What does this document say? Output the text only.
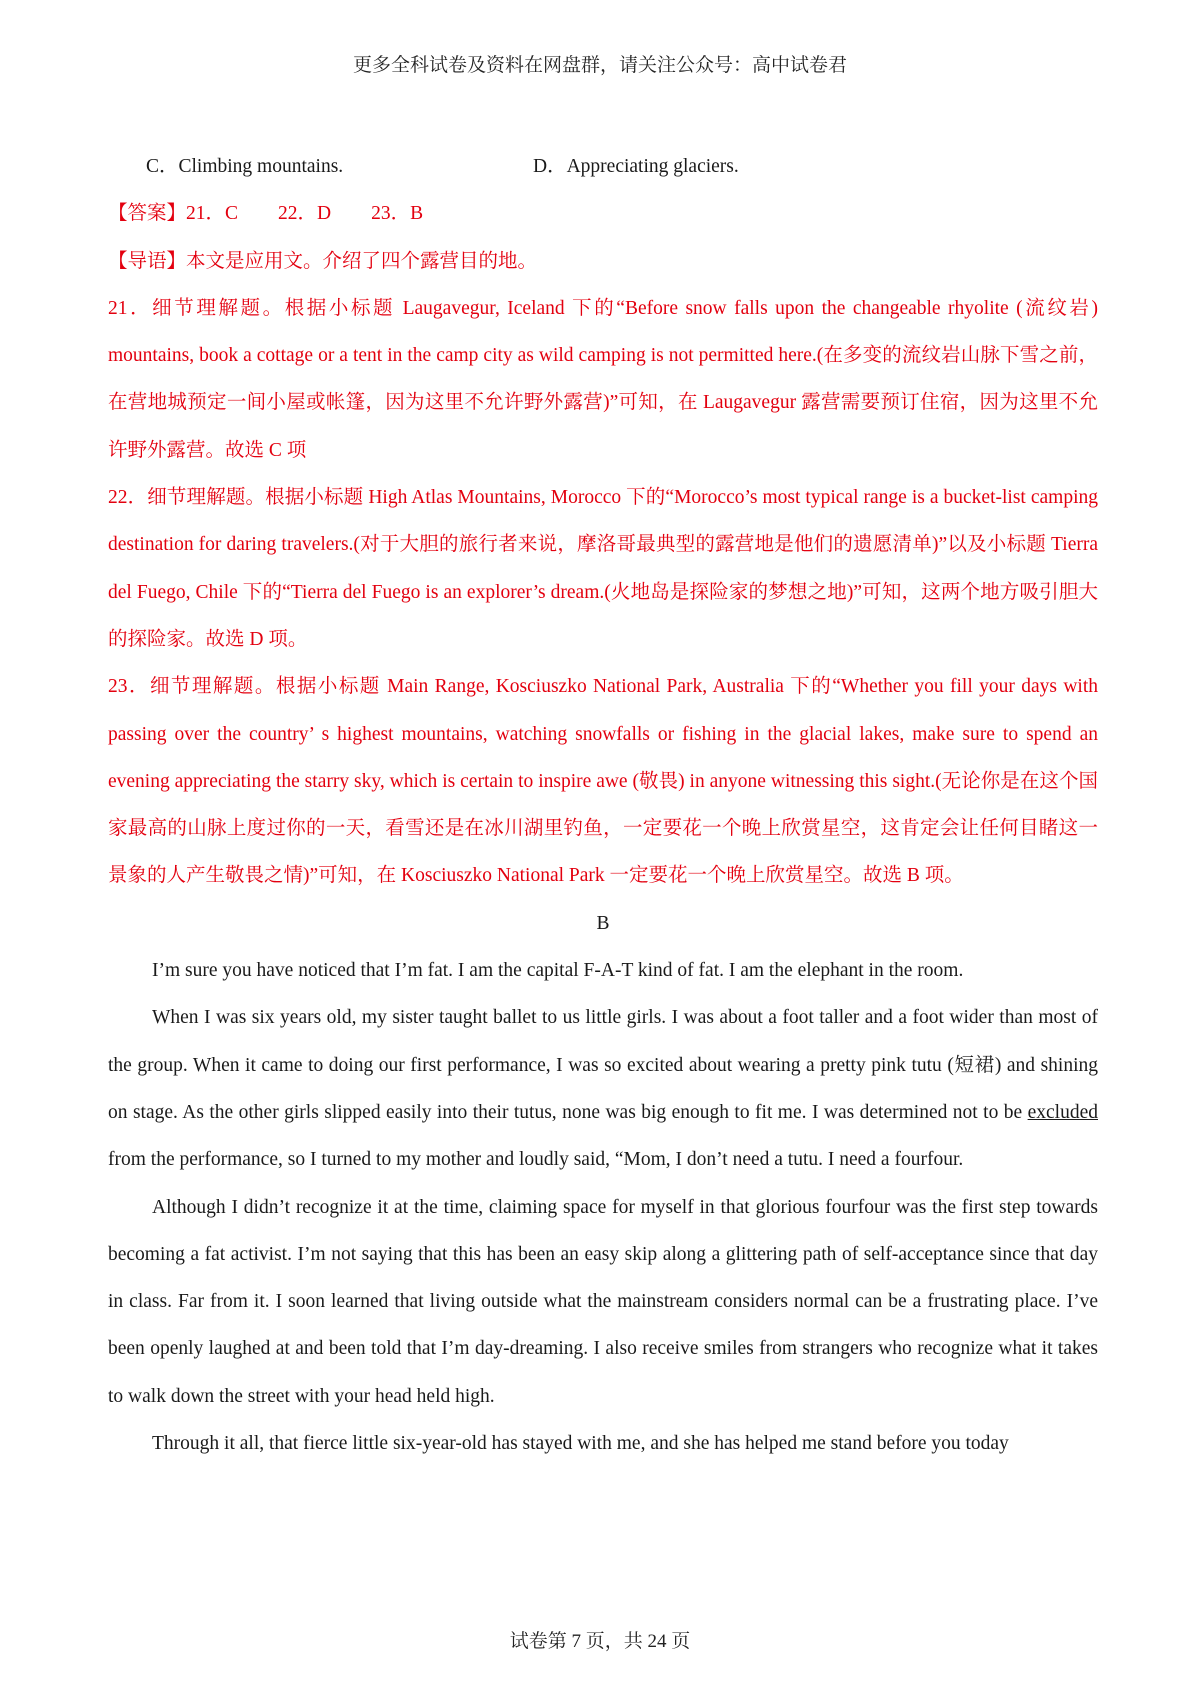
更多全科试卷及资料在网盘群，请关注公众号：高中试卷君
C．Climbing mountains.	D．Appreciating glaciers.

【答案】21．C 22．D 23．B

【导语】本文是应用文。介绍了四个露营目的地。

21．细节理解题。根据小标题 Laugavegur, Iceland 下的“Before snow falls upon the changeable rhyolite (流纹岩) mountains, book a cottage or a tent in the camp city as wild camping is not permitted here.(在多变的流纹岩山脉下雪之前，在营地城预定一间小屋或帐篷，因为这里不允许野外露营)”可知，在 Laugavegur 露营需要预订住宿，因为这里不允许野外露营。故选 C 项

22．细节理解题。根据小标题 High Atlas Mountains, Morocco 下的“Morocco’s most typical range is a bucket-list camping destination for daring travelers.(对于大胆的旅行者来说，摩洛哥最典型的露营地是他们的遗愿清单)”以及小标题 Tierra del Fuego, Chile 下的“Tierra del Fuego is an explorer’s dream.(火地岛是探险家的梦想之地)”可知，这两个地方吸引胆大的探险家。故选 D 项。

23．细节理解题。根据小标题 Main Range, Kosciuszko National Park, Australia 下的“Whether you fill your days with passing over the country’ s highest mountains, watching snowfalls or fishing in the glacial lakes, make sure to spend an evening appreciating the starry sky, which is certain to inspire awe (敬畏) in anyone witnessing this sight.(无论你是在这个国家最高的山脉上度过你的一天，看雪还是在冰川湖里钓鱼，一定要花一个晚上欣赏星空，这肯定会让任何目睹这一景象的人产生敬畏之情)”可知，在 Kosciuszko National Park 一定要花一个晚上欣赏星空。故选 B 项。

B

I’m sure you have noticed that I’m fat. I am the capital F-A-T kind of fat. I am the elephant in the room.

When I was six years old, my sister taught ballet to us little girls. I was about a foot taller and a foot wider than most of the group. When it came to doing our first performance, I was so excited about wearing a pretty pink tutu (短裙) and shining on stage. As the other girls slipped easily into their tutus, none was big enough to fit me. I was determined not to be excluded from the performance, so I turned to my mother and loudly said, “Mom, I don’t need a tutu. I need a fourfour.

Although I didn’t recognize it at the time, claiming space for myself in that glorious fourfour was the first step towards becoming a fat activist. I’m not saying that this has been an easy skip along a glittering path of self-acceptance since that day in class. Far from it. I soon learned that living outside what the mainstream considers normal can be a frustrating place. I’ve been openly laughed at and been told that I’m day-dreaming. I also receive smiles from strangers who recognize what it takes to walk down the street with your head held high.

Through it all, that fierce little six-year-old has stayed with me, and she has helped me stand before you today

试卷第 7 页，共 24 页
